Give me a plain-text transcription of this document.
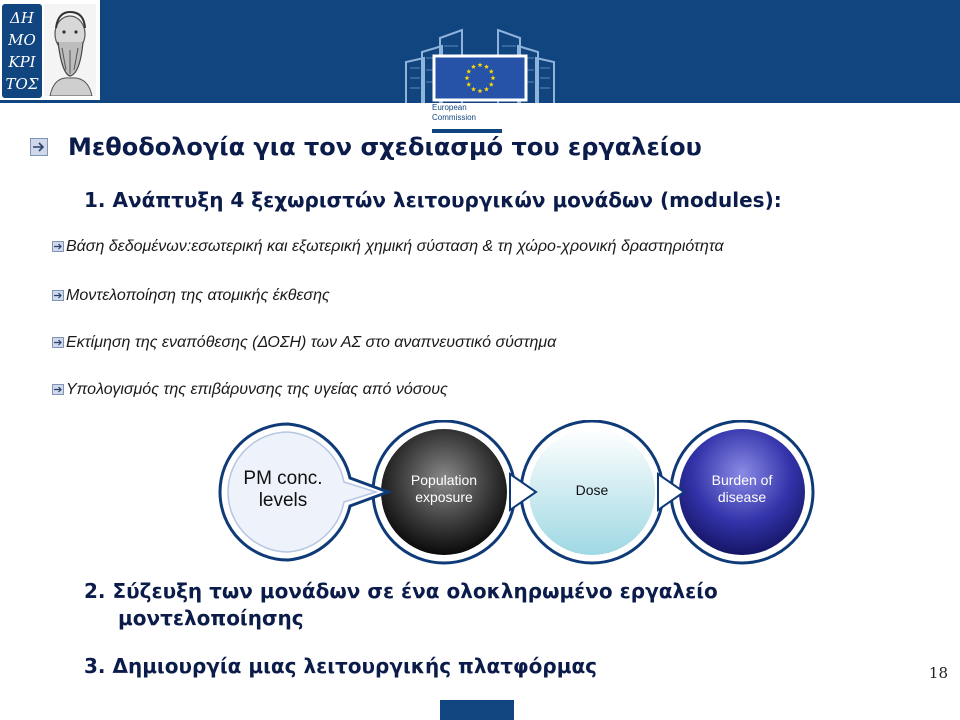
ΔΗ
ΜΟ
ΚΡΙ
ΤΟΣ
European
Commission
Μεθοδολογία για τον σχεδιασμό του εργαλείου
1. Ανάπτυξη 4 ξεχωριστών λειτουργικών μονάδων (modules):
Βάση δεδομένων:εσωτερική και εξωτερική χημική σύσταση & τη χώρο-χρονική δραστηριότητα
Μοντελοποίηση της ατομικής έκθεσης
Εκτίμηση της εναπόθεσης (ΔΟΣΗ) των ΑΣ στο αναπνευστικό σύστημα
Υπολογισμός της επιβάρυνσης της υγείας από νόσους
PM conc.
levels
Population
exposure	Dose
Burden of
disease
2. Σύζευξη των μονάδων σε ένα ολοκληρωμένο εργαλείο
μοντελοποίησης
3. Δημιουργία μιας λειτουργικής πλατφόρμας	18
